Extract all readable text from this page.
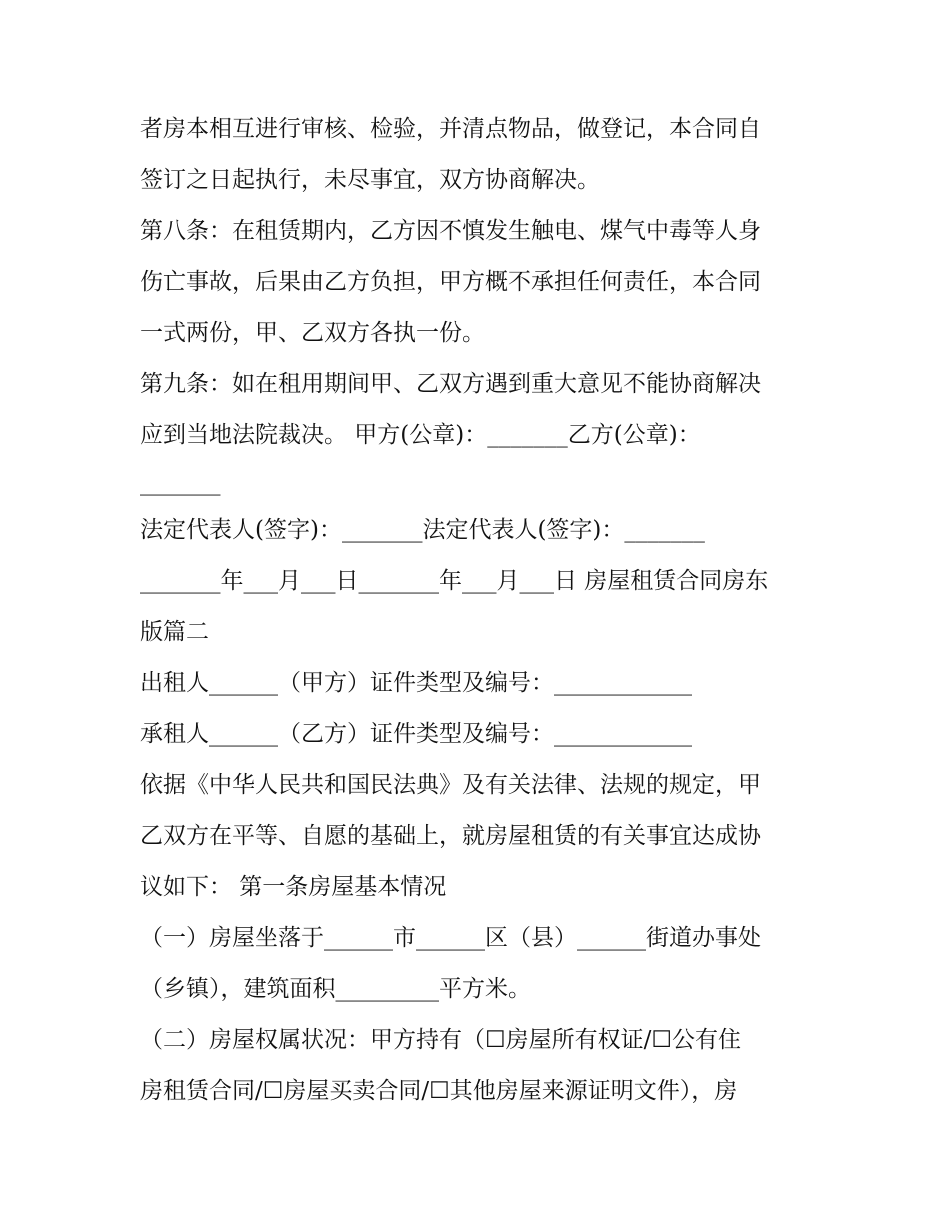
者房本相互进行审核、检验，并清点物品，做登记，本合同自
签订之日起执行，未尽事宜，双方协商解决。
第八条：在租赁期内，乙方因不慎发生触电、煤气中毒等人身
伤亡事故，后果由乙方负担，甲方概不承担任何责任，本合同
一式两份，甲、乙双方各执一份。
第九条：如在租用期间甲、乙双方遇到重大意见不能协商解决
应到当地法院裁决。 甲方(公章)：_______乙方(公章)：
_______
法定代表人(签字)：_______法定代表人(签字)：_______
_______年___月___日_______年___月___日 房屋租赁合同房东
版篇二
出租人______（甲方）证件类型及编号：____________
承租人______（乙方）证件类型及编号：____________
依据《中华人民共和国民法典》及有关法律、法规的规定，甲
乙双方在平等、自愿的基础上，就房屋租赁的有关事宜达成协
议如下： 第一条房屋基本情况
（一）房屋坐落于______市______区（县）______街道办事处
（乡镇），建筑面积_________平方米。
（二）房屋权属状况：甲方持有（☐房屋所有权证/☐公有住
房租赁合同/☐房屋买卖合同/☐其他房屋来源证明文件），房
